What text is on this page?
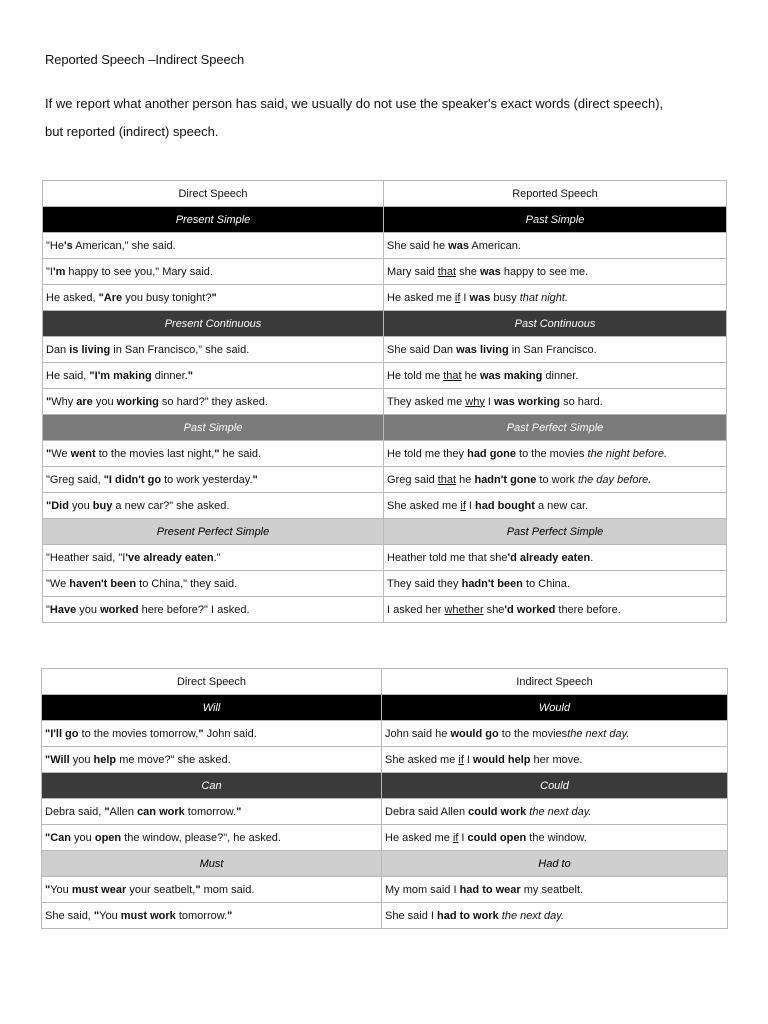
Reported Speech –Indirect Speech
If we report what another person has said, we usually do not use the speaker's exact words (direct speech),
but reported (indirect) speech.
Direct Speech	Reported Speech
Present Simple	Past Simple
"He's American," she said.	She said he was American.
"I'm happy to see you," Mary said.	Mary said that she was happy to see me.
He asked, "Are you busy tonight?"	He asked me if I was busy that night.
Present Continuous	Past Continuous
Dan is living in San Francisco," she said.	She said Dan was living in San Francisco.
He said, "I'm making dinner."	He told me that he was making dinner.
"Why are you working so hard?" they asked.	They asked me why I was working so hard.
Past Simple	Past Perfect Simple
"We went to the movies last night," he said.	He told me they had gone to the movies the night before.
"Greg said, "I didn't go to work yesterday."	Greg said that he hadn't gone to work the day before.
"Did you buy a new car?" she asked.	She asked me if I had bought a new car.
Present Perfect Simple	Past Perfect Simple
"Heather said, "I've already eaten."	Heather told me that she'd already eaten.
"We haven't been to China," they said.	They said they hadn't been to China.
"Have you worked here before?" I asked.	I asked her whether she'd worked there before.
Direct Speech	Indirect Speech
Will	Would
"I'll go to the movies tomorrow," John said.	John said he would go to the moviesthe next day.
"Will you help me move?" she asked.	She asked me if I would help her move.
Can	Could
Debra said, "Allen can work tomorrow."	Debra said Allen could work the next day.
"Can you open the window, please?", he asked.	He asked me if I could open the window.
Must	Had to
"You must wear your seatbelt," mom said.	My mom said I had to wear my seatbelt.
She said, "You must work tomorrow."	She said I had to work the next day.
